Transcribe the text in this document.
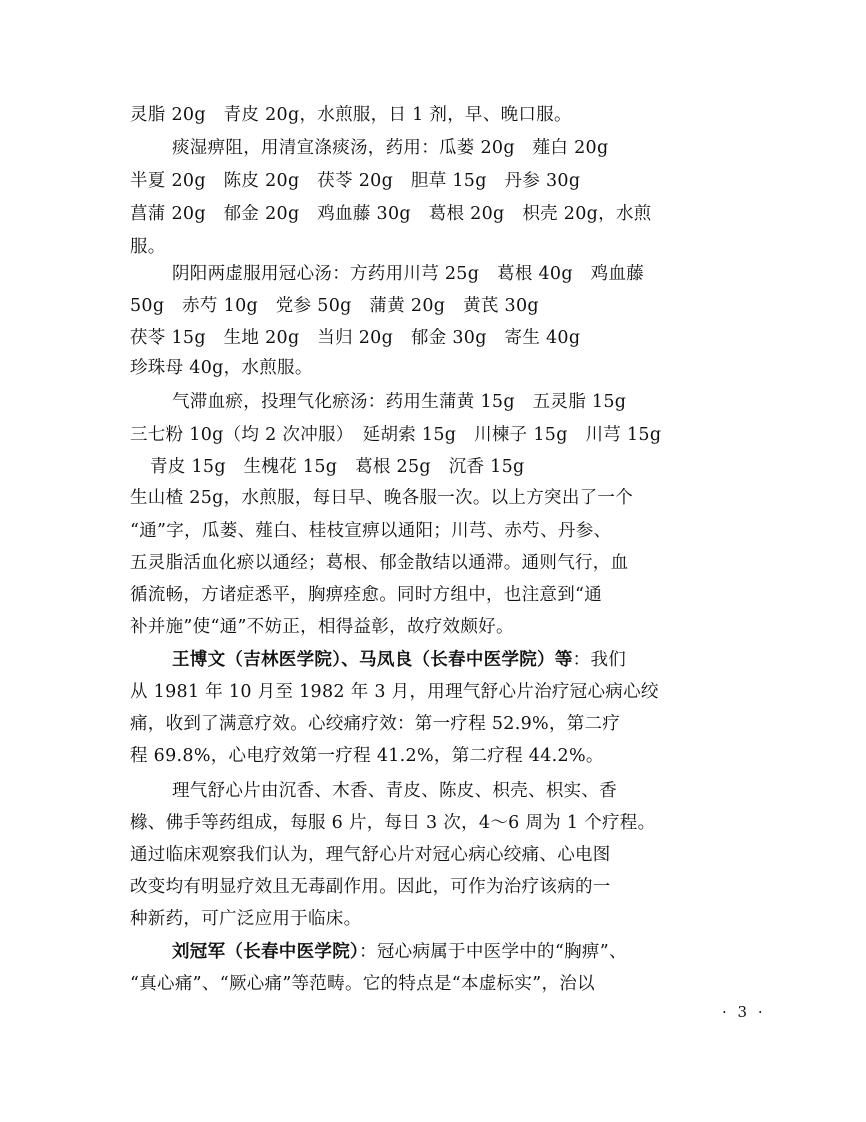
灵脂 20g　青皮 20g，水煎服，日 1 剂，早、晚口服。
痰湿痹阻，用清宣涤痰汤，药用：瓜蒌 20g　薤白 20g
半夏 20g　陈皮 20g　茯苓 20g　胆草 15g　丹参 30g
菖蒲 20g　郁金 20g　鸡血藤 30g　葛根 20g　枳壳 20g，水煎
服。
阴阳两虚服用冠心汤：方药用川芎 25g　葛根 40g　鸡血藤
50g　赤芍 10g　党参 50g　蒲黄 20g　黄芪 30g
茯苓 15g　生地 20g　当归 20g　郁金 30g　寄生 40g
珍珠母 40g，水煎服。
气滞血瘀，投理气化瘀汤：药用生蒲黄 15g　五灵脂 15g
三七粉 10g（均 2 次冲服）　延胡索 15g　川楝子 15g　川芎 15g
青皮 15g　生槐花 15g　葛根 25g　沉香 15g
生山楂 25g，水煎服，每日早、晚各服一次。以上方突出了一个
“通”字，瓜蒌、薤白、桂枝宣痹以通阳；川芎、赤芍、丹参、
五灵脂活血化瘀以通经；葛根、郁金散结以通滞。通则气行，血
循流畅，方诸症悉平，胸痹痊愈。同时方组中，也注意到“通
补并施”使“通”不妨正，相得益彰，故疗效颇好。
王博文（吉林医学院）、马凤良（长春中医学院）等：我们
从 1981 年 10 月至 1982 年 3 月，用理气舒心片治疗冠心病心绞
痛，收到了满意疗效。心绞痛疗效：第一疗程 52.9%，第二疗
程 69.8%，心电疗效第一疗程 41.2%，第二疗程 44.2%。
理气舒心片由沉香、木香、青皮、陈皮、枳壳、枳实、香
橼、佛手等药组成，每服 6 片，每日 3 次，4～6 周为 1 个疗程。
通过临床观察我们认为，理气舒心片对冠心病心绞痛、心电图
改变均有明显疗效且无毒副作用。因此，可作为治疗该病的一
种新药，可广泛应用于临床。
刘冠军（长春中医学院）：冠心病属于中医学中的“胸痹”、
“真心痛”、“厥心痛”等范畴。它的特点是“本虚标实”，治以
· 3 ·
